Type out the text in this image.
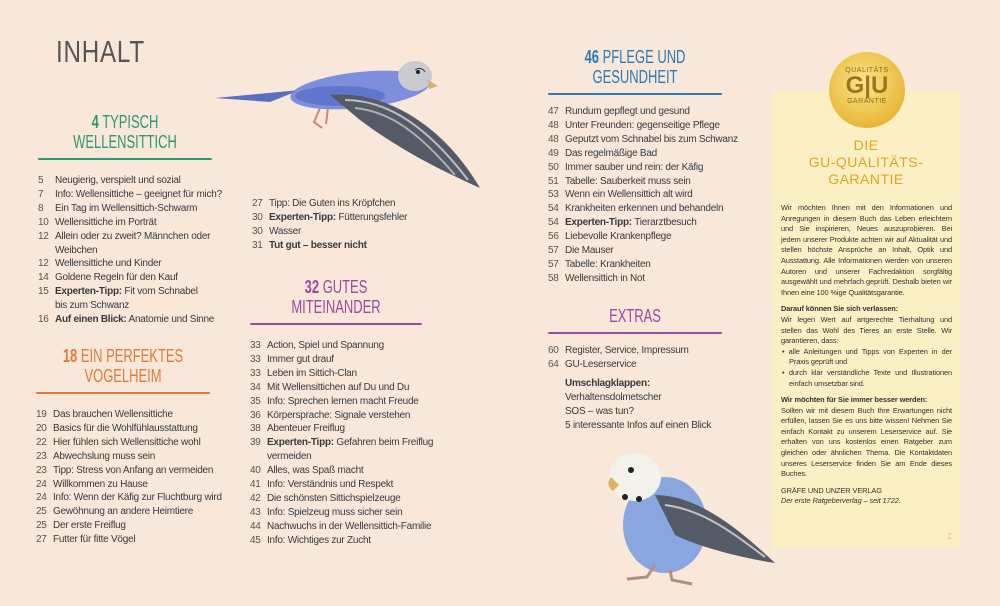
INHALT
4 TYPISCH
WELLENSITTICH
5	Neugierig, verspielt und sozial
7	Info: Wellensittiche – geeignet für mich?
8	Ein Tag im Wellensittich-Schwarm
10 Wellensittiche im Porträt
12 Allein oder zu zweit? Männchen oder
Weibchen
12 Wellensittiche und Kinder
14 Goldene Regeln für den Kauf
15 Experten-Tipp: Fit vom Schnabel
bis zum Schwanz
16 Auf einen Blick: Anatomie und Sinne
18 EIN PERFEKTES
VOGELHEIM
19 Das brauchen Wellensittiche
20 Basics für die Wohlfühlausstattung
22 Hier fühlen sich Wellensittiche wohl
23 Abwechslung muss sein
23 Tipp: Stress von Anfang an vermeiden
24 Willkommen zu Hause
24 Info: Wenn der Käfig zur Fluchtburg wird
25 Gewöhnung an andere Heimtiere
25 Der erste Freiflug
27 Futter für fitte Vögel
27 Tipp: Die Guten ins Kröpfchen
30 Experten-Tipp: Fütterungsfehler
30 Wasser
31 Tut gut – besser nicht
32 GUTES
MITEINANDER
33 Action, Spiel und Spannung
33 Immer gut drauf
33 Leben im Sittich-Clan
34 Mit Wellensittichen auf Du und Du
35 Info: Sprechen lernen macht Freude
36 Körpersprache: Signale verstehen
38 Abenteuer Freiflug
39 Experten-Tipp: Gefahren beim Freiflug
vermeiden
40 Alles, was Spaß macht
41 Info: Verständnis und Respekt
42 Die schönsten Sittichspielzeuge
43 Info: Spielzeug muss sicher sein
44 Nachwuchs in der Wellensittich-Familie
45 Info: Wichtiges zur Zucht
46 PFLEGE UND
GESUNDHEIT
47 Rundum gepflegt und gesund
48 Unter Freunden: gegenseitige Pflege
48 Geputzt vom Schnabel bis zum Schwanz
49 Das regelmäßige Bad
50 Immer sauber und rein: der Käfig
51 Tabelle: Sauberkeit muss sein
53 Wenn ein Wellensittich alt wird
54 Krankheiten erkennen und behandeln
54 Experten-Tipp: Tierarztbesuch
56 Liebevolle Krankenpflege
57 Die Mauser
57 Tabelle: Krankheiten
58 Wellensittich in Not
EXTRAS
60 Register, Service, Impressum
64 GU-Leserservice
Umschlagklappen:
Verhaltensdolmetscher
SOS – was tun?
5 interessante Infos auf einen Blick
DIE
GU-QUALITÄTS-
GARANTIE

Wir möchten Ihnen mit den Informationen und Anregungen in diesem Buch das Leben erleichtern und Sie inspirieren, Neues auszuprobieren. Bei jedem unserer Produkte achten wir auf Aktualität und stellen höchste Ansprüche an Inhalt, Optik und Ausstattung. Alle Informationen werden von unseren Autoren und unserer Fachredaktion sorgfältig ausgewählt und mehrfach geprüft. Deshalb bieten wir Ihnen eine 100 %ige Qualitätsgarantie.

Darauf können Sie sich verlassen:
Wir legen Wert auf artgerechte Tierhaltung und stellen das Wohl des Tieres an erste Stelle. Wir garantieren, dass:
• alle Anleitungen und Tipps von Experten in der Praxis geprüft und
• durch klar verständliche Texte und Illustrationen einfach umsetzbar sind.
Wir möchten für Sie immer besser werden:

Sollten wir mit diesem Buch Ihre Erwartungen nicht erfüllen, lassen Sie es uns bitte wissen! Nehmen Sie einfach Kontakt zu unserem Leserservice auf. Sie erhalten von uns kostenlos einen Ratgeber zum gleichen oder ähnlichen Thema. Die Kontaktdaten unseres Leserservice finden Sie am Ende dieses Buches.

GRÄFE UND UNZER VERLAG
Der erste Ratgeberverlag – seit 1722.
⌶
QUALITÄTS
G|U
GARANTIE
